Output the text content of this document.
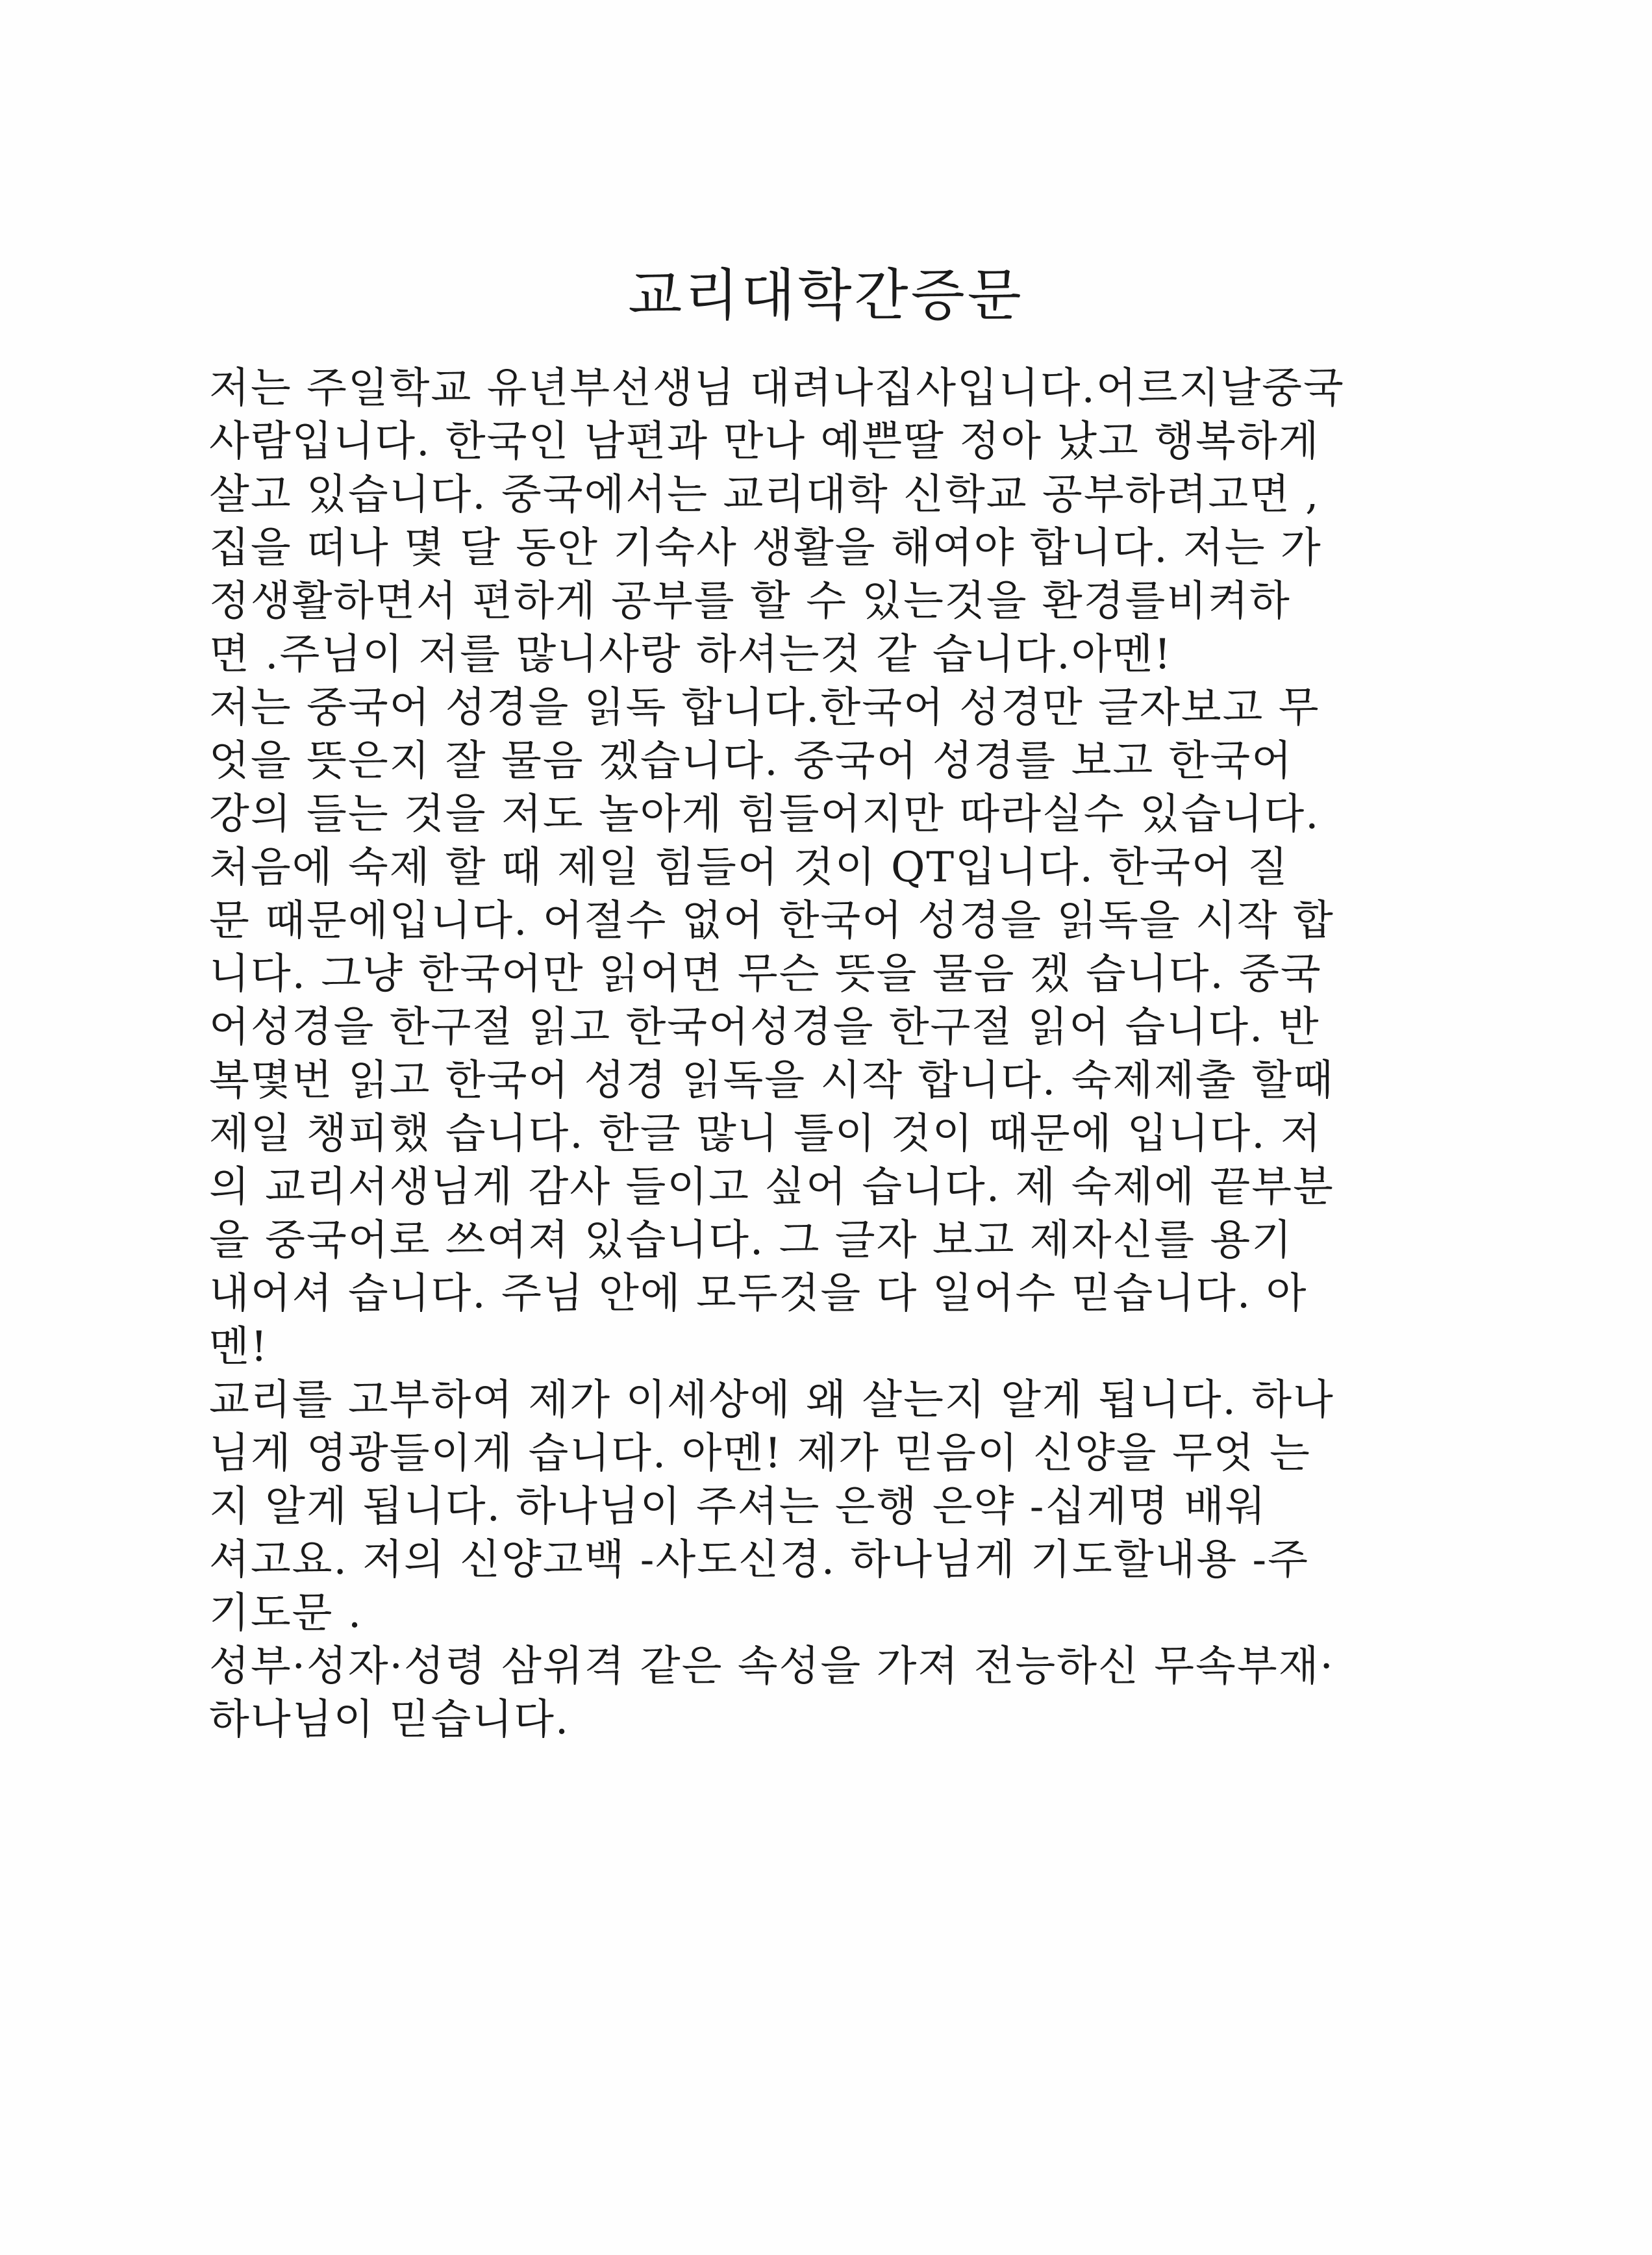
교리대학간증문
저는 주일학교 유년부선생님 대려나집사입니다.어르지날중국
사람입니다. 한국인 남편과 만나 예쁜딸 정아 났고 행복하게
살고 있습니다. 중국에서는 교리대학 신학교 공부하려고면 ,
집을 떠나 몇 달 동안 기숙사 생활을 해여야 합니다. 저는 가
정생활하면서 편하게 공부를 할 수 있는것을 환경를비켜하
면 .주님이 저를 많니사랑 하셔는것 같 습니다.아멘!
저는 중국어 성경을 읽독 합니다.한국어 성경만 글자보고 무
엇을 뜻은지 잘 물음 겠습니다. 중국어 성경를 보고 한국어
강의 들는 것을 저도 놀아게 힘들어지만 따라실수 있습니다.
처음에 숙제 할 때 제일 힘들어 것이 QT입니다. 한국어 질
문 때문에입니다. 어절수 없어 한국어 성경을 읽독을 시작 합
니다. 그냥 한국어만 읽어면 무슨 뜻을 물음 겠 습니다. 중국
어성경을 한구절 읽고 한국어성경을 한구절 읽어 습니다. 반
복몇번 읽고 한국어 성경 읽독을 시작 합니다. 숙제제출 할때
제일 챙피했 습니다. 한글 많니 틀이 것이 때문에 입니다. 저
의 교리서생님게 감사 들이고 싶어 습니다. 제 숙제에 끝부분
을 중국어로 쓰여져 있습니다. 그 글자 보고 제자신를 용기
내어셔 습니다. 주님 안에 모두것을 다 일어수 믿습니다. 아
멘!
교리를 고부하여 제가 이세상에 왜 살는지 알게 됩니다. 하나
님게 영광들이게 습니다. 아멘! 제가 믿음이 신양을 무엇 는
지 알게 됩니다. 하나님이 주셔는 은행 은약 -십게명 배워
셔고요. 저의 신양고백 -사도신경. 하나님게 기도할내용 -주
기도문 .
성부·성자·성령 삼위격 같은 속성을 가져 전능하신 무속부재·
하나님이 믿습니다.
